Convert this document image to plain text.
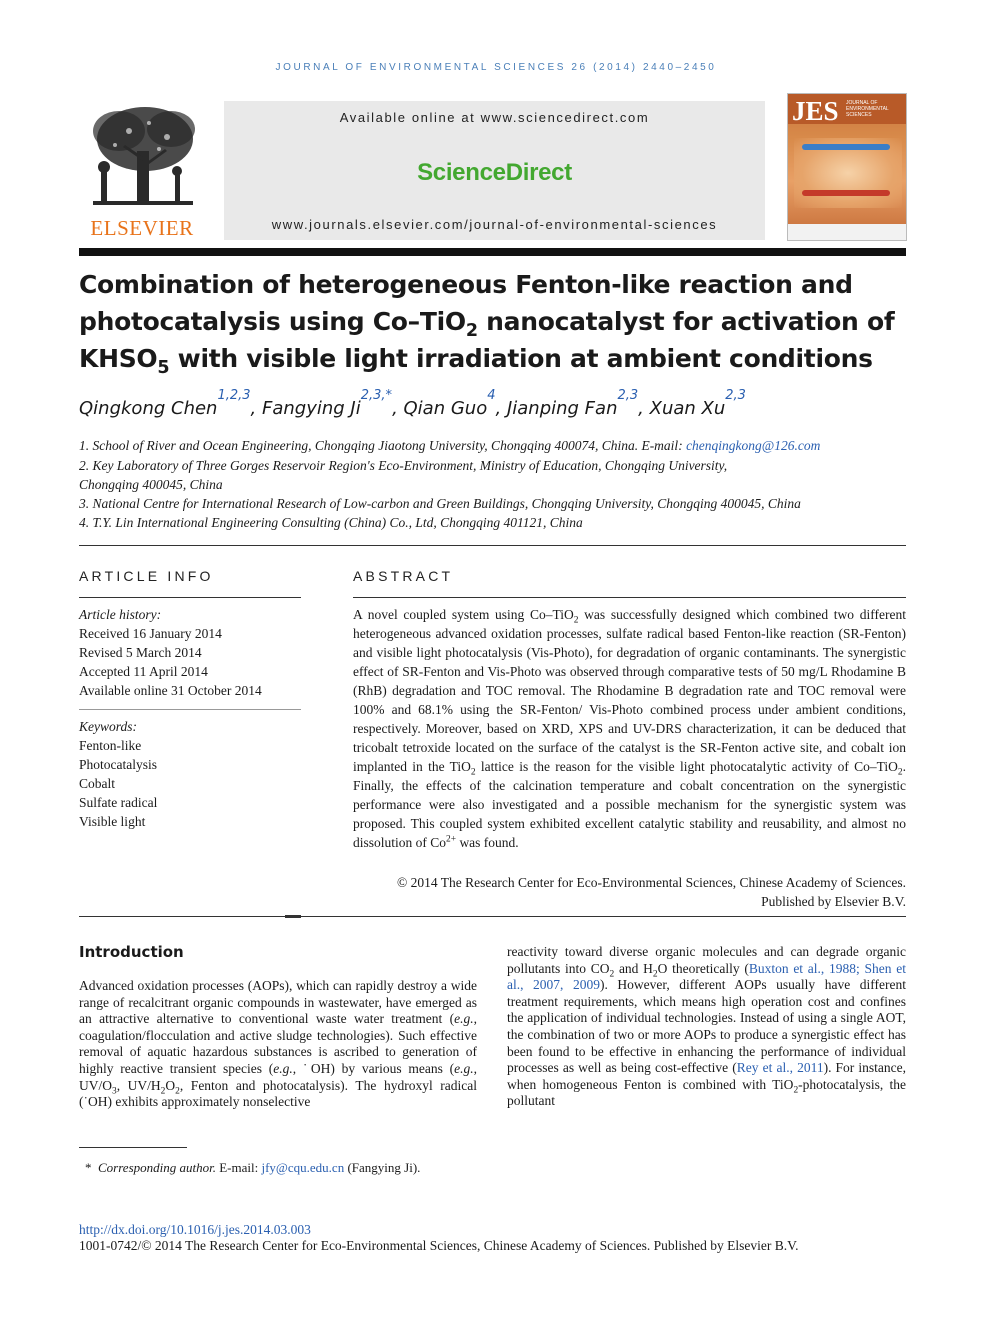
JOURNAL OF ENVIRONMENTAL SCIENCES 26 (2014) 2440–2450
ELSEVIER
Available online at www.sciencedirect.com
ScienceDirect
www.journals.elsevier.com/journal-of-environmental-sciences
JES JOURNAL OF ENVIRONMENTAL SCIENCES
Combination of heterogeneous Fenton-like reaction and
photocatalysis using Co–TiO$_2$ nanocatalyst for activation of
$KHSO_5$ with visible light irradiation at ambient conditions
Qingkong Chen$^{1,2,3}$, Fangying $Ji^{2,3,*}$, Qian Guo$^4$, Jianping Fan$^{2,3}$, Xuan Xu$^{2,3}$
1. School of River and Ocean Engineering, Chongqing Jiaotong University, Chongqing 400074, China. E-mail: chenqingkong@126.com
2. Key Laboratory of Three Gorges Reservoir Region's Eco-Environment, Ministry of Education, Chongqing University,
Chongqing 400045, China
3. National Centre for International Research of Low-carbon and Green Buildings, Chongqing University, Chongqing 400045, China
4. T.Y. Lin International Engineering Consulting (China) Co., Ltd, Chongqing 401121, China
ARTICLE INFO	ABSTRACT
Article history:
Received 16 January 2014
Revised 5 March 2014
Accepted 11 April 2014
Available online 31 October 2014
Keywords:
Fenton-like
Photocatalysis
Cobalt
Sulfate radical
Visible light
A novel coupled system using Co–TiO$_2$ was successfully designed which combined two different heterogeneous advanced oxidation processes, sulfate radical based Fenton-like reaction (SR-Fenton) and visible light photocatalysis (Vis-Photo), for degradation of organic contaminants. The synergistic effect of SR-Fenton and Vis-Photo was observed through comparative tests of 50 mg/L Rhodamine B (RhB) degradation and TOC removal. The Rhodamine B degradation rate and TOC removal were 100% and 68.1% using the SR-Fenton/ Vis-Photo combined process under ambient conditions, respectively. Moreover, based on XRD, XPS and UV-DRS characterization, it can be deduced that tricobalt tetroxide located on the surface of the catalyst is the SR-Fenton active site, and cobalt ion implanted in the TiO$_2$ lattice is the reason for the visible light photocatalytic activity of Co–TiO$_2$. Finally, the effects of the calcination temperature and cobalt concentration on the synergistic performance were also investigated and a possible mechanism for the synergistic system was proposed. This coupled system exhibited excellent catalytic stability and reusability, and almost no dissolution of $Co^{2+}$ was found.
© 2014 The Research Center for Eco-Environmental Sciences, Chinese Academy of Sciences.
Published by Elsevier B.V.
Introduction
Advanced oxidation processes (AOPs), which can rapidly destroy a wide range of recalcitrant organic compounds in wastewater, have emerged as an attractive alternative to conventional waste water treatment (e.g., coagulation/flocculation and active sludge technologies). Such effective removal of aquatic hazardous substances is ascribed to generation of highly reactive transient species (e.g., ˙OH) by various means (e.g., $UV/O_3$, $UV/H_2O_2$, Fenton and photocatalysis). The hydroxyl radical (˙OH) exhibits approximately nonselective
reactivity toward diverse organic molecules and can degrade organic pollutants into $CO_2$ and $H_2O$ theoretically (Buxton et al., 1988; Shen et al., 2007, 2009). However, different AOPs usually have different treatment requirements, which means high operation cost and confines the application of individual technologies. Instead of using a single AOT, the combination of two or more AOPs to produce a synergistic effect has been found to be effective in enhancing the performance of individual processes as well as being cost-effective (Rey et al., 2011). For instance, when homogeneous Fenton is combined with TiO$_2$-photocatalysis, the pollutant
* Corresponding author. E-mail: jfy@cqu.edu.cn (Fangying Ji).
http://dx.doi.org/10.1016/j.jes.2014.03.003
1001-0742/© 2014 The Research Center for Eco-Environmental Sciences, Chinese Academy of Sciences. Published by Elsevier B.V.
